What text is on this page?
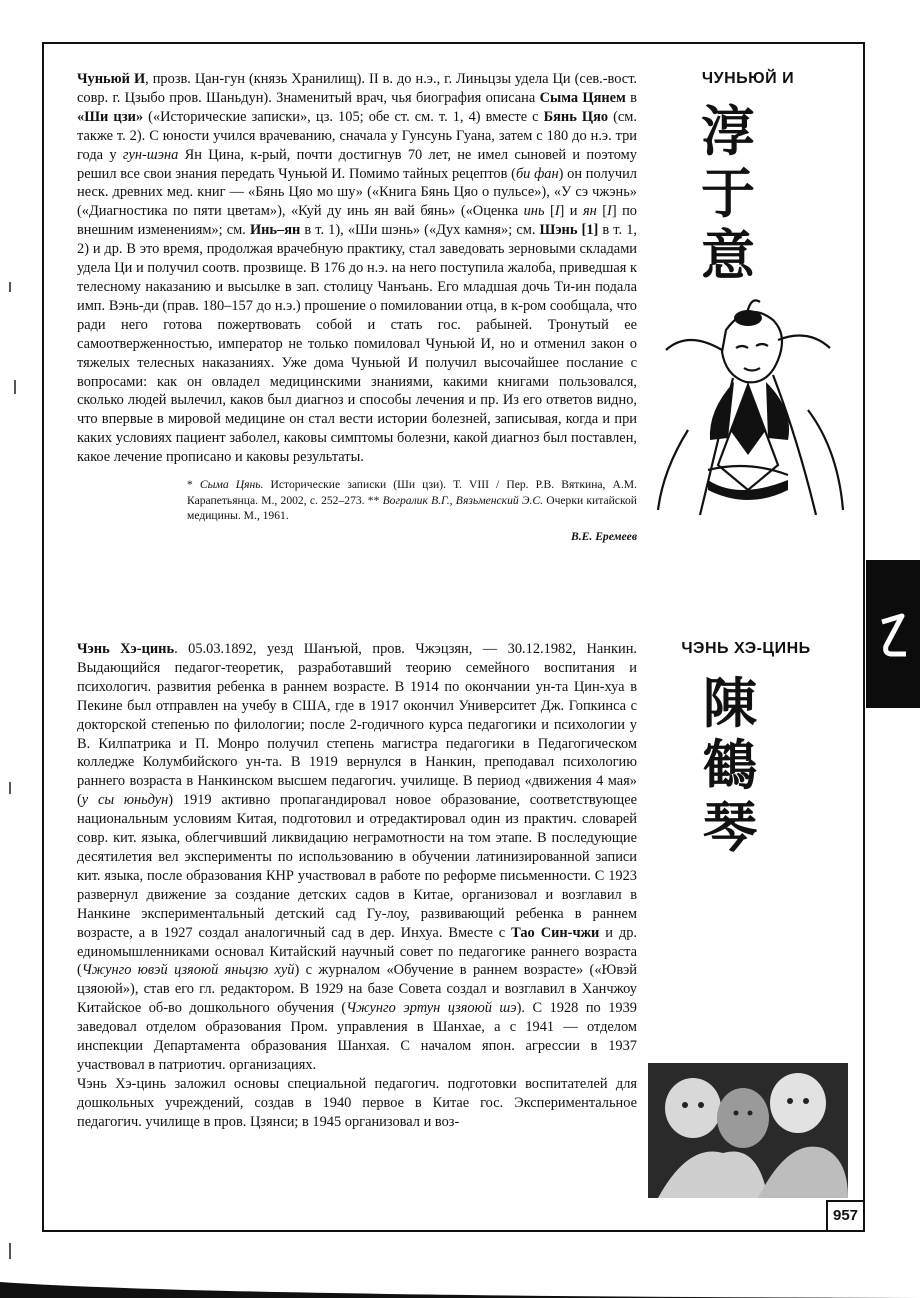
Чуньюй И, прозв. Цан-гун (князь Хранилищ). II в. до н.э., г. Линьцзы удела Ци (сев.-вост. совр. г. Цзыбо пров. Шаньдун). Знаменитый врач, чья биография описана Сыма Цянем в «Ши цзи» («Исторические записки», цз. 105; обе ст. см. т. 1, 4) вместе с Бянь Цяо (см. также т. 2). С юности учился врачеванию, сначала у Гунсунь Гуана, затем с 180 до н.э. три года у гун-шэна Ян Цина, к-рый, почти достигнув 70 лет, не имел сыновей и поэтому решил все свои знания передать Чуньюй И. Помимо тайных рецептов (би фан) он получил неск. древних мед. книг — «Бянь Цяо мо шу» («Книга Бянь Цяо о пульсе»), «У сэ чжэнь» («Диагностика по пяти цветам»), «Куй ду инь ян вай бянь» («Оценка инь [I] и ян [I] по внешним изменениям»; см. Инь–ян в т. 1), «Ши шэнь» («Дух камня»; см. Шэнь [1] в т. 1, 2) и др. В это время, продолжая врачебную практику, стал заведовать зерновыми складами удела Ци и получил соотв. прозвище. В 176 до н.э. на него поступила жалоба, приведшая к телесному наказанию и высылке в зап. столицу Чанъань. Его младшая дочь Ти-ин подала имп. Вэнь-ди (прав. 180–157 до н.э.) прошение о помиловании отца, в к-ром сообщала, что ради него готова пожертвовать собой и стать гос. рабыней. Тронутый ее самоотверженностью, император не только помиловал Чуньюй И, но и отменил закон о тяжелых телесных наказаниях. Уже дома Чуньюй И получил высочайшее послание с вопросами: как он овладел медицинскими знаниями, какими книгами пользовался, сколько людей вылечил, каков был диагноз и способы лечения и пр. Из его ответов видно, что впервые в мировой медицине он стал вести истории болезней, записывая, когда и при каких условиях пациент заболел, каковы симптомы болезни, какой диагноз был поставлен, какое лечение прописано и каковы результаты.

* Сыма Цянь. Исторические записки (Ши цзи). Т. VIII / Пер. Р.В. Вяткина, А.М. Карапетьянца. М., 2002, с. 252–273. ** Вогралик В.Г., Вязьменский Э.С. Очерки китайской медицины. М., 1961.
В.Е. Еремеев
ЧУНЬЮЙ И
淳
于
意

Чэнь Хэ-цинь. 05.03.1892, уезд Шанъюй, пров. Чжэцзян, — 30.12.1982, Нанкин. Выдающийся педагог-теоретик, разработавший теорию семейного воспитания и психологич. развития ребенка в раннем возрасте. В 1914 по окончании ун-та Цин-хуа в Пекине был отправлен на учебу в США, где в 1917 окончил Университет Дж. Гопкинса с докторской степенью по филологии; после 2-годичного курса педагогики и психологии у В. Килпатрика и П. Монро получил степень магистра педагогики в Педагогическом колледже Колумбийского ун-та. В 1919 вернулся в Нанкин, преподавал психологию раннего возраста в Нанкинском высшем педагогич. училище. В период «движения 4 мая» (у сы юньдун) 1919 активно пропагандировал новое образование, соответствующее национальным условиям Китая, подготовил и отредактировал один из практич. словарей совр. кит. языка, облегчивший ликвидацию неграмотности на том этапе. В последующие десятилетия вел эксперименты по использованию в обучении латинизированной записи кит. языка, после образования КНР участвовал в работе по реформе письменности. С 1923 развернул движение за создание детских садов в Китае, организовал и возглавил в Нанкине экспериментальный детский сад Гу-лоу, развивающий ребенка в раннем возрасте, а в 1927 создал аналогичный сад в дер. Инхуа. Вместе с Тао Син-чжи и др. единомышленниками основал Китайский научный совет по педагогике раннего возраста (Чжунго ювэй цзяоюй яньцзю хуй) с журналом «Обучение в раннем возрасте» («Ювэй цзяоюй»), став его гл. редактором. В 1929 на базе Совета создал и возглавил в Ханчжоу Китайское об-во дошкольного обучения (Чжунго эртун цзяоюй шэ). С 1928 по 1939 заведовал отделом образования Пром. управления в Шанхае, а с 1941 — отделом инспекции Департамента образования Шанхая. С началом япон. агрессии в 1937 участвовал в патриотич. организациях.

Чэнь Хэ-цинь заложил основы специальной педагогич. подготовки воспитателей для дошкольных учреждений, создав в 1940 первое в Китае гос. Экспериментальное педагогич. училище в пров. Цзянси; в 1945 организовал и воз-

ЧЭНЬ ХЭ-ЦИНЬ
陳
鶴
琴
957
